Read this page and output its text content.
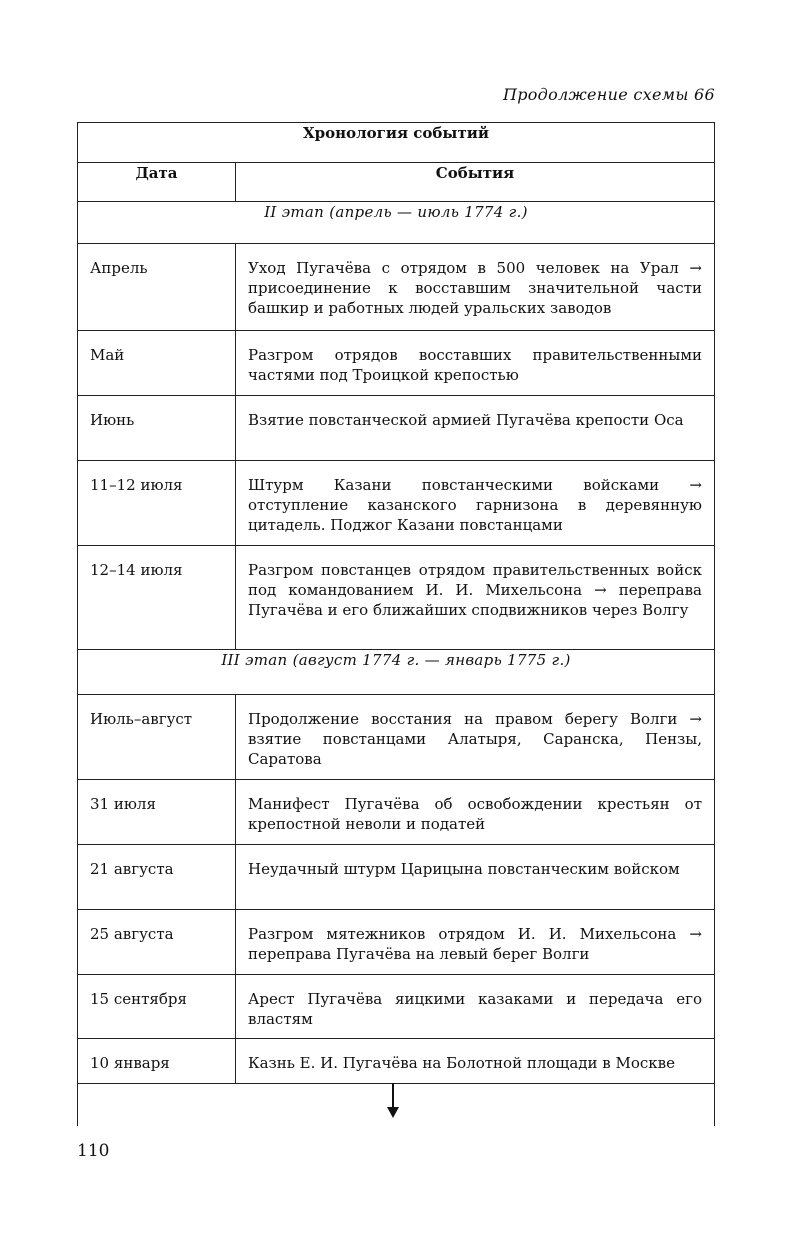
Продолжение схемы 66
Хронология событий	
Дата	События
II этап (апрель — июль 1774 г.)	
Апрель	Уход Пугачёва с отрядом в 500 человек на Урал → присоединение к восставшим значительной части башкир и работных людей уральских заводов
Май	Разгром отрядов восставших правительственными частями под Троицкой крепостью
Июнь	Взятие повстанческой армией Пугачёва крепости Оса
11–12 июля	Штурм Казани повстанческими войсками → отступление казанского гарнизона в деревянную цитадель. Поджог Казани повстанцами
12–14 июля	Разгром повстанцев отрядом правительственных войск под командованием И. И. Михельсона → переправа Пугачёва и его ближайших сподвижников через Волгу
III этап (август 1774 г. — январь 1775 г.)	
Июль–август	Продолжение восстания на правом берегу Волги → взятие повстанцами Алатыря, Саранска, Пензы, Саратова
31 июля	Манифест Пугачёва об освобождении крестьян от крепостной неволи и податей
21 августа	Неудачный штурм Царицына повстанческим войском
25 августа	Разгром мятежников отрядом И. И. Михельсона → переправа Пугачёва на левый берег Волги
15 сентября	Арест Пугачёва яицкими казаками и передача его властям
10 января	Казнь Е. И. Пугачёва на Болотной площади в Москве

110
